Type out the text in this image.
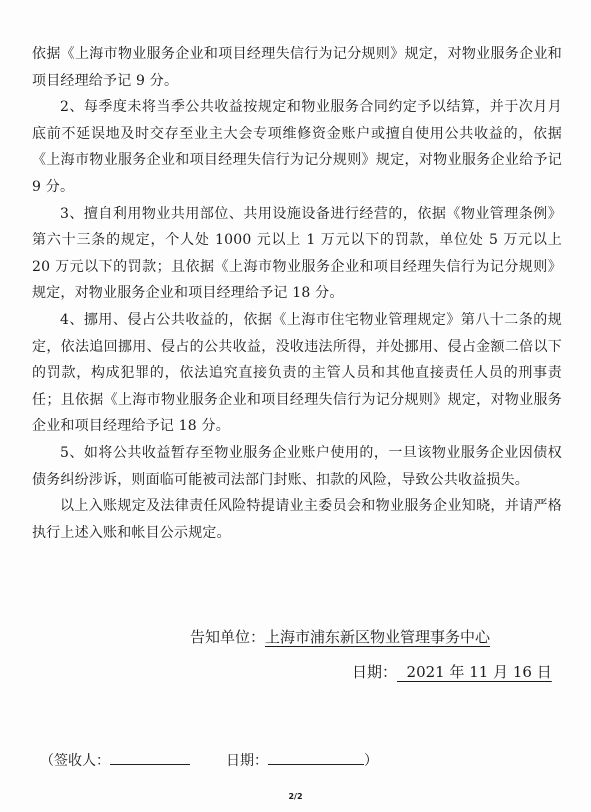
依据《上海市物业服务企业和项目经理失信行为记分规则》规定，对物业服务企业和项目经理给予记 9 分。

2、每季度未将当季公共收益按规定和物业服务合同约定予以结算，并于次月月底前不延误地及时交存至业主大会专项维修资金账户或擅自使用公共收益的，依据《上海市物业服务企业和项目经理失信行为记分规则》规定，对物业服务企业给予记 9 分。

3、擅自利用物业共用部位、共用设施设备进行经营的，依据《物业管理条例》第六十三条的规定，个人处 1000 元以上 1 万元以下的罚款，单位处 5 万元以上 20 万元以下的罚款；且依据《上海市物业服务企业和项目经理失信行为记分规则》规定，对物业服务企业和项目经理给予记 18 分。

4、挪用、侵占公共收益的，依据《上海市住宅物业管理规定》第八十二条的规定，依法追回挪用、侵占的公共收益，没收违法所得，并处挪用、侵占金额二倍以下的罚款，构成犯罪的，依法追究直接负责的主管人员和其他直接责任人员的刑事责任；且依据《上海市物业服务企业和项目经理失信行为记分规则》规定，对物业服务企业和项目经理给予记 18 分。

5、如将公共收益暂存至物业服务企业账户使用的，一旦该物业服务企业因债权债务纠纷涉诉，则面临可能被司法部门封账、扣款的风险，导致公共收益损失。

以上入账规定及法律责任风险特提请业主委员会和物业服务企业知晓，并请严格执行上述入账和帐目公示规定。

告知单位：上海市浦东新区物业管理事务中心
日期：  2021 年 11 月 16 日
（签收人：	日期：	）
2/2
